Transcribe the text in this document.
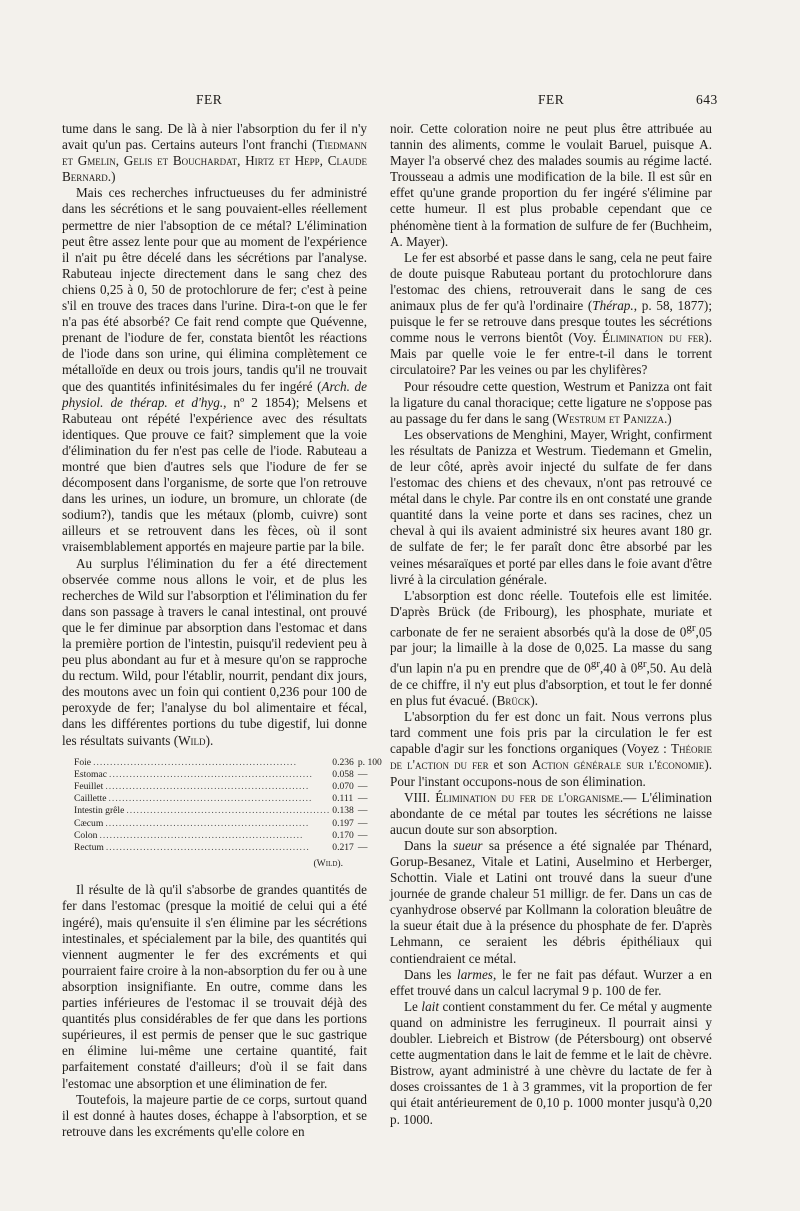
FER	FER	643

tume dans le sang. De là à nier l'absorption du fer il n'y avait qu'un pas. Certains auteurs l'ont franchi (Tiedmann et Gmelin, Gelis et Bouchardat, Hirtz et Hepp, Claude Bernard.)

Mais ces recherches infructueuses du fer administré dans les sécrétions et le sang pouvaient-elles réellement permettre de nier l'absoption de ce métal? L'élimination peut être assez lente pour que au moment de l'expérience il n'ait pu être décelé dans les sécrétions par l'analyse. Rabuteau injecte directement dans le sang chez des chiens 0,25 à 0, 50 de protochlorure de fer; c'est à peine s'il en trouve des traces dans l'urine. Dira-t-on que le fer n'a pas été absorbé? Ce fait rend compte que Quévenne, prenant de l'iodure de fer, constata bientôt les réactions de l'iode dans son urine, qui élimina complètement ce métalloïde en deux ou trois jours, tandis qu'il ne trouvait que des quantités infinitésimales du fer ingéré (Arch. de physiol. de thérap. et d'hyg., nº 2 1854); Melsens et Rabuteau ont répété l'expérience avec des résultats identiques. Que prouve ce fait? simplement que la voie d'élimination du fer n'est pas celle de l'iode. Rabuteau a montré que bien d'autres sels que l'iodure de fer se décomposent dans l'organisme, de sorte que l'on retrouve dans les urines, un iodure, un bromure, un chlorate (de sodium?), tandis que les métaux (plomb, cuivre) sont ailleurs et se retrouvent dans les fèces, où il sont vraisemblablement apportés en majeure partie par la bile.

Au surplus l'élimination du fer a été directement observée comme nous allons le voir, et de plus les recherches de Wild sur l'absorption et l'élimination du fer dans son passage à travers le canal intestinal, ont prouvé que le fer diminue par absorption dans l'estomac et dans la première portion de l'intestin, puisqu'il redevient peu à peu plus abondant au fur et à mesure qu'on se rapproche du rectum. Wild, pour l'établir, nourrit, pendant dix jours, des moutons avec un foin qui contient 0,236 pour 100 de peroxyde de fer; l'analyse du bol alimentaire et fécal, dans les différentes portions du tube digestif, lui donne les résultats suivants (Wild).

Foie ............................................................	0.236	p. 100
Estomac ............................................................	0.058	—
Feuillet ............................................................	0.070	—
Caillette ............................................................	0.111	—
Intestin grêle ............................................................	0.138	—
Cæcum ............................................................	0.197	—
Colon ............................................................	0.170	—
Rectum ............................................................	0.217	—
(Wild).

Il résulte de là qu'il s'absorbe de grandes quantités de fer dans l'estomac (presque la moitié de celui qui a été ingéré), mais qu'ensuite il s'en élimine par les sécrétions intestinales, et spécialement par la bile, des quantités qui viennent augmenter le fer des excréments et qui pourraient faire croire à la non-absorption du fer ou à une absorption insignifiante. En outre, comme dans les parties inférieures de l'estomac il se trouvait déjà des quantités plus considérables de fer que dans les portions supérieures, il est permis de penser que le suc gastrique en élimine lui-même une certaine quantité, fait parfaitement constaté d'ailleurs; d'où il se fait dans l'estomac une absorption et une élimination de fer.

Toutefois, la majeure partie de ce corps, surtout quand il est donné à hautes doses, échappe à l'absorption, et se retrouve dans les excréments qu'elle colore en

noir. Cette coloration noire ne peut plus être attribuée au tannin des aliments, comme le voulait Baruel, puisque A. Mayer l'a observé chez des malades soumis au régime lacté. Trousseau a admis une modification de la bile. Il est sûr en effet qu'une grande proportion du fer ingéré s'élimine par cette humeur. Il est plus probable cependant que ce phénomène tient à la formation de sulfure de fer (Buchheim, A. Mayer).

Le fer est absorbé et passe dans le sang, cela ne peut faire de doute puisque Rabuteau portant du protochlorure dans l'estomac des chiens, retrouverait dans le sang de ces animaux plus de fer qu'à l'ordinaire (Thérap., p. 58, 1877); puisque le fer se retrouve dans presque toutes les sécrétions comme nous le verrons bientôt (Voy. Élimination du fer). Mais par quelle voie le fer entre-t-il dans le torrent circulatoire? Par les veines ou par les chylifères?

Pour résoudre cette question, Westrum et Panizza ont fait la ligature du canal thoracique; cette ligature ne s'oppose pas au passage du fer dans le sang (Westrum et Panizza.)

Les observations de Menghini, Mayer, Wright, confirment les résultats de Panizza et Westrum. Tiedemann et Gmelin, de leur côté, après avoir injecté du sulfate de fer dans l'estomac des chiens et des chevaux, n'ont pas retrouvé ce métal dans le chyle. Par contre ils en ont constaté une grande quantité dans la veine porte et dans ses racines, chez un cheval à qui ils avaient administré six heures avant 180 gr. de sulfate de fer; le fer paraît donc être absorbé par les veines mésaraïques et porté par elles dans le foie avant d'être livré à la circulation générale.

L'absorption est donc réelle. Toutefois elle est limitée. D'après Brück (de Fribourg), les phosphate, muriate et carbonate de fer ne seraient absorbés qu'à la dose de $0^{gr},05$ par jour; la limaille à la dose de 0,025. La masse du sang d'un lapin n'a pu en prendre que de $0^{gr},40$ à $0^{gr},50$. Au delà de ce chiffre, il n'y eut plus d'absorption, et tout le fer donné en plus fut évacué. (Brück).

L'absorption du fer est donc un fait. Nous verrons plus tard comment une fois pris par la circulation le fer est capable d'agir sur les fonctions organiques (Voyez : Théorie de l'action du fer et son Action générale sur l'économie). Pour l'instant occupons-nous de son élimination.

VIII. Élimination du fer de l'organisme.— L'élimination abondante de ce métal par toutes les sécrétions ne laisse aucun doute sur son absorption.

Dans la sueur sa présence a été signalée par Thénard, Gorup-Besanez, Vitale et Latini, Auselmino et Herberger, Schottin. Viale et Latini ont trouvé dans la sueur d'une journée de grande chaleur 51 milligr. de fer. Dans un cas de cyanhydrose observé par Kollmann la coloration bleuâtre de la sueur était due à la présence du phosphate de fer. D'après Lehmann, ce seraient les débris épithéliaux qui contiendraient ce métal.

Dans les larmes, le fer ne fait pas défaut. Wurzer a en effet trouvé dans un calcul lacrymal 9 p. 100 de fer.

Le lait contient constamment du fer. Ce métal y augmente quand on administre les ferrugineux. Il pourrait ainsi y doubler. Liebreich et Bistrow (de Pétersbourg) ont observé cette augmentation dans le lait de femme et le lait de chèvre. Bistrow, ayant administré à une chèvre du lactate de fer à doses croissantes de 1 à 3 grammes, vit la proportion de fer qui était antérieurement de 0,10 p. 1000 monter jusqu'à 0,20 p. 1000.
